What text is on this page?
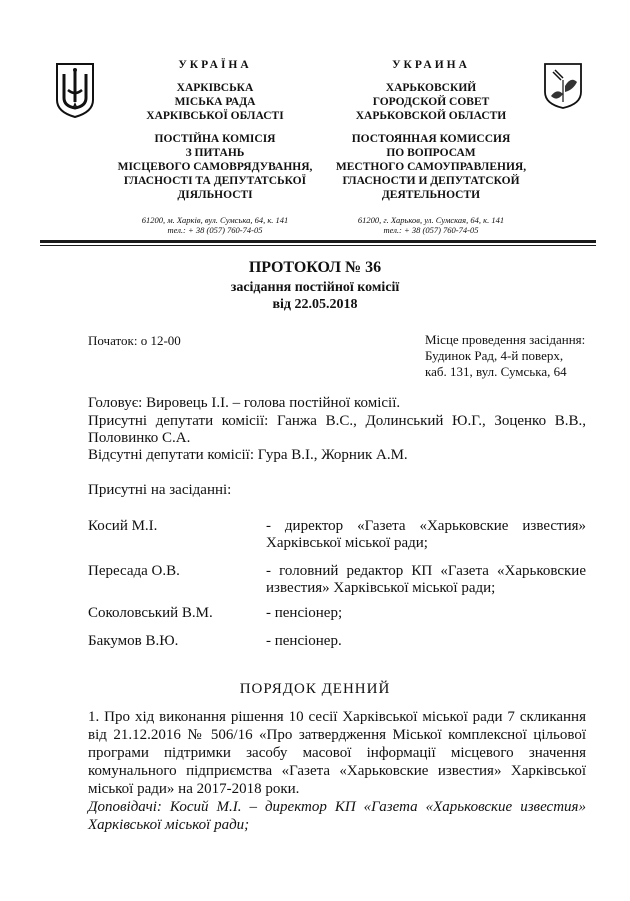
УКРАЇНА
ХАРКІВСЬКА
МІСЬКА РАДА
ХАРКІВСЬКОЇ ОБЛАСТІ
ПОСТІЙНА КОМІСІЯ
З ПИТАНЬ
МІСЦЕВОГО САМОВРЯДУВАННЯ,
ГЛАСНОСТІ ТА ДЕПУТАТСЬКОЇ
ДІЯЛЬНОСТІ
61200, м. Харків, вул. Сумська, 64, к. 141
тел.: + 38 (057) 760-74-05
УКРАИНА
ХАРЬКОВСКИЙ
ГОРОДСКОЙ СОВЕТ
ХАРЬКОВСКОЙ ОБЛАСТИ
ПОСТОЯННАЯ КОМИССИЯ
ПО ВОПРОСАМ
МЕСТНОГО САМОУПРАВЛЕНИЯ,
ГЛАСНОСТИ И ДЕПУТАТСКОЙ
ДЕЯТЕЛЬНОСТИ
61200, г. Харьков, ул. Сумская, 64, к. 141
тел.: + 38 (057) 760-74-05
ПРОТОКОЛ № 36
засідання постійної комісії
від 22.05.2018
Початок: о 12-00	Місце проведення засідання:
Будинок Рад, 4-й поверх,
каб. 131, вул. Сумська, 64
Головує: Вировець І.І. – голова постійної комісії.
Присутні депутати комісії: Ганжа В.С., Долинський Ю.Г., Зоценко В.В.,
Половинко С.А.
Відсутні депутати комісії: Гура В.І., Жорник А.М.
Присутні на засіданні:
Косий М.І.	- директор «Газета «Харьковские известия»
Харківської міської ради;
Пересада О.В.	- головний редактор КП «Газета «Харьковские
известия» Харківської міської ради;
Соколовський В.М.	- пенсіонер;
Бакумов В.Ю.	- пенсіонер.
ПОРЯДОК ДЕННИЙ
1. Про хід виконання рішення 10 сесії Харківської міської ради 7 скликання
від 21.12.2016 № 506/16 «Про затвердження Міської комплексної цільової
програми підтримки засобу масової інформації місцевого значення
комунального підприємства «Газета «Харьковские известия» Харківської
міської ради» на 2017-2018 роки.
Доповідачі: Косий М.І. – директор КП «Газета «Харьковские известия»
Харківської міської ради;
